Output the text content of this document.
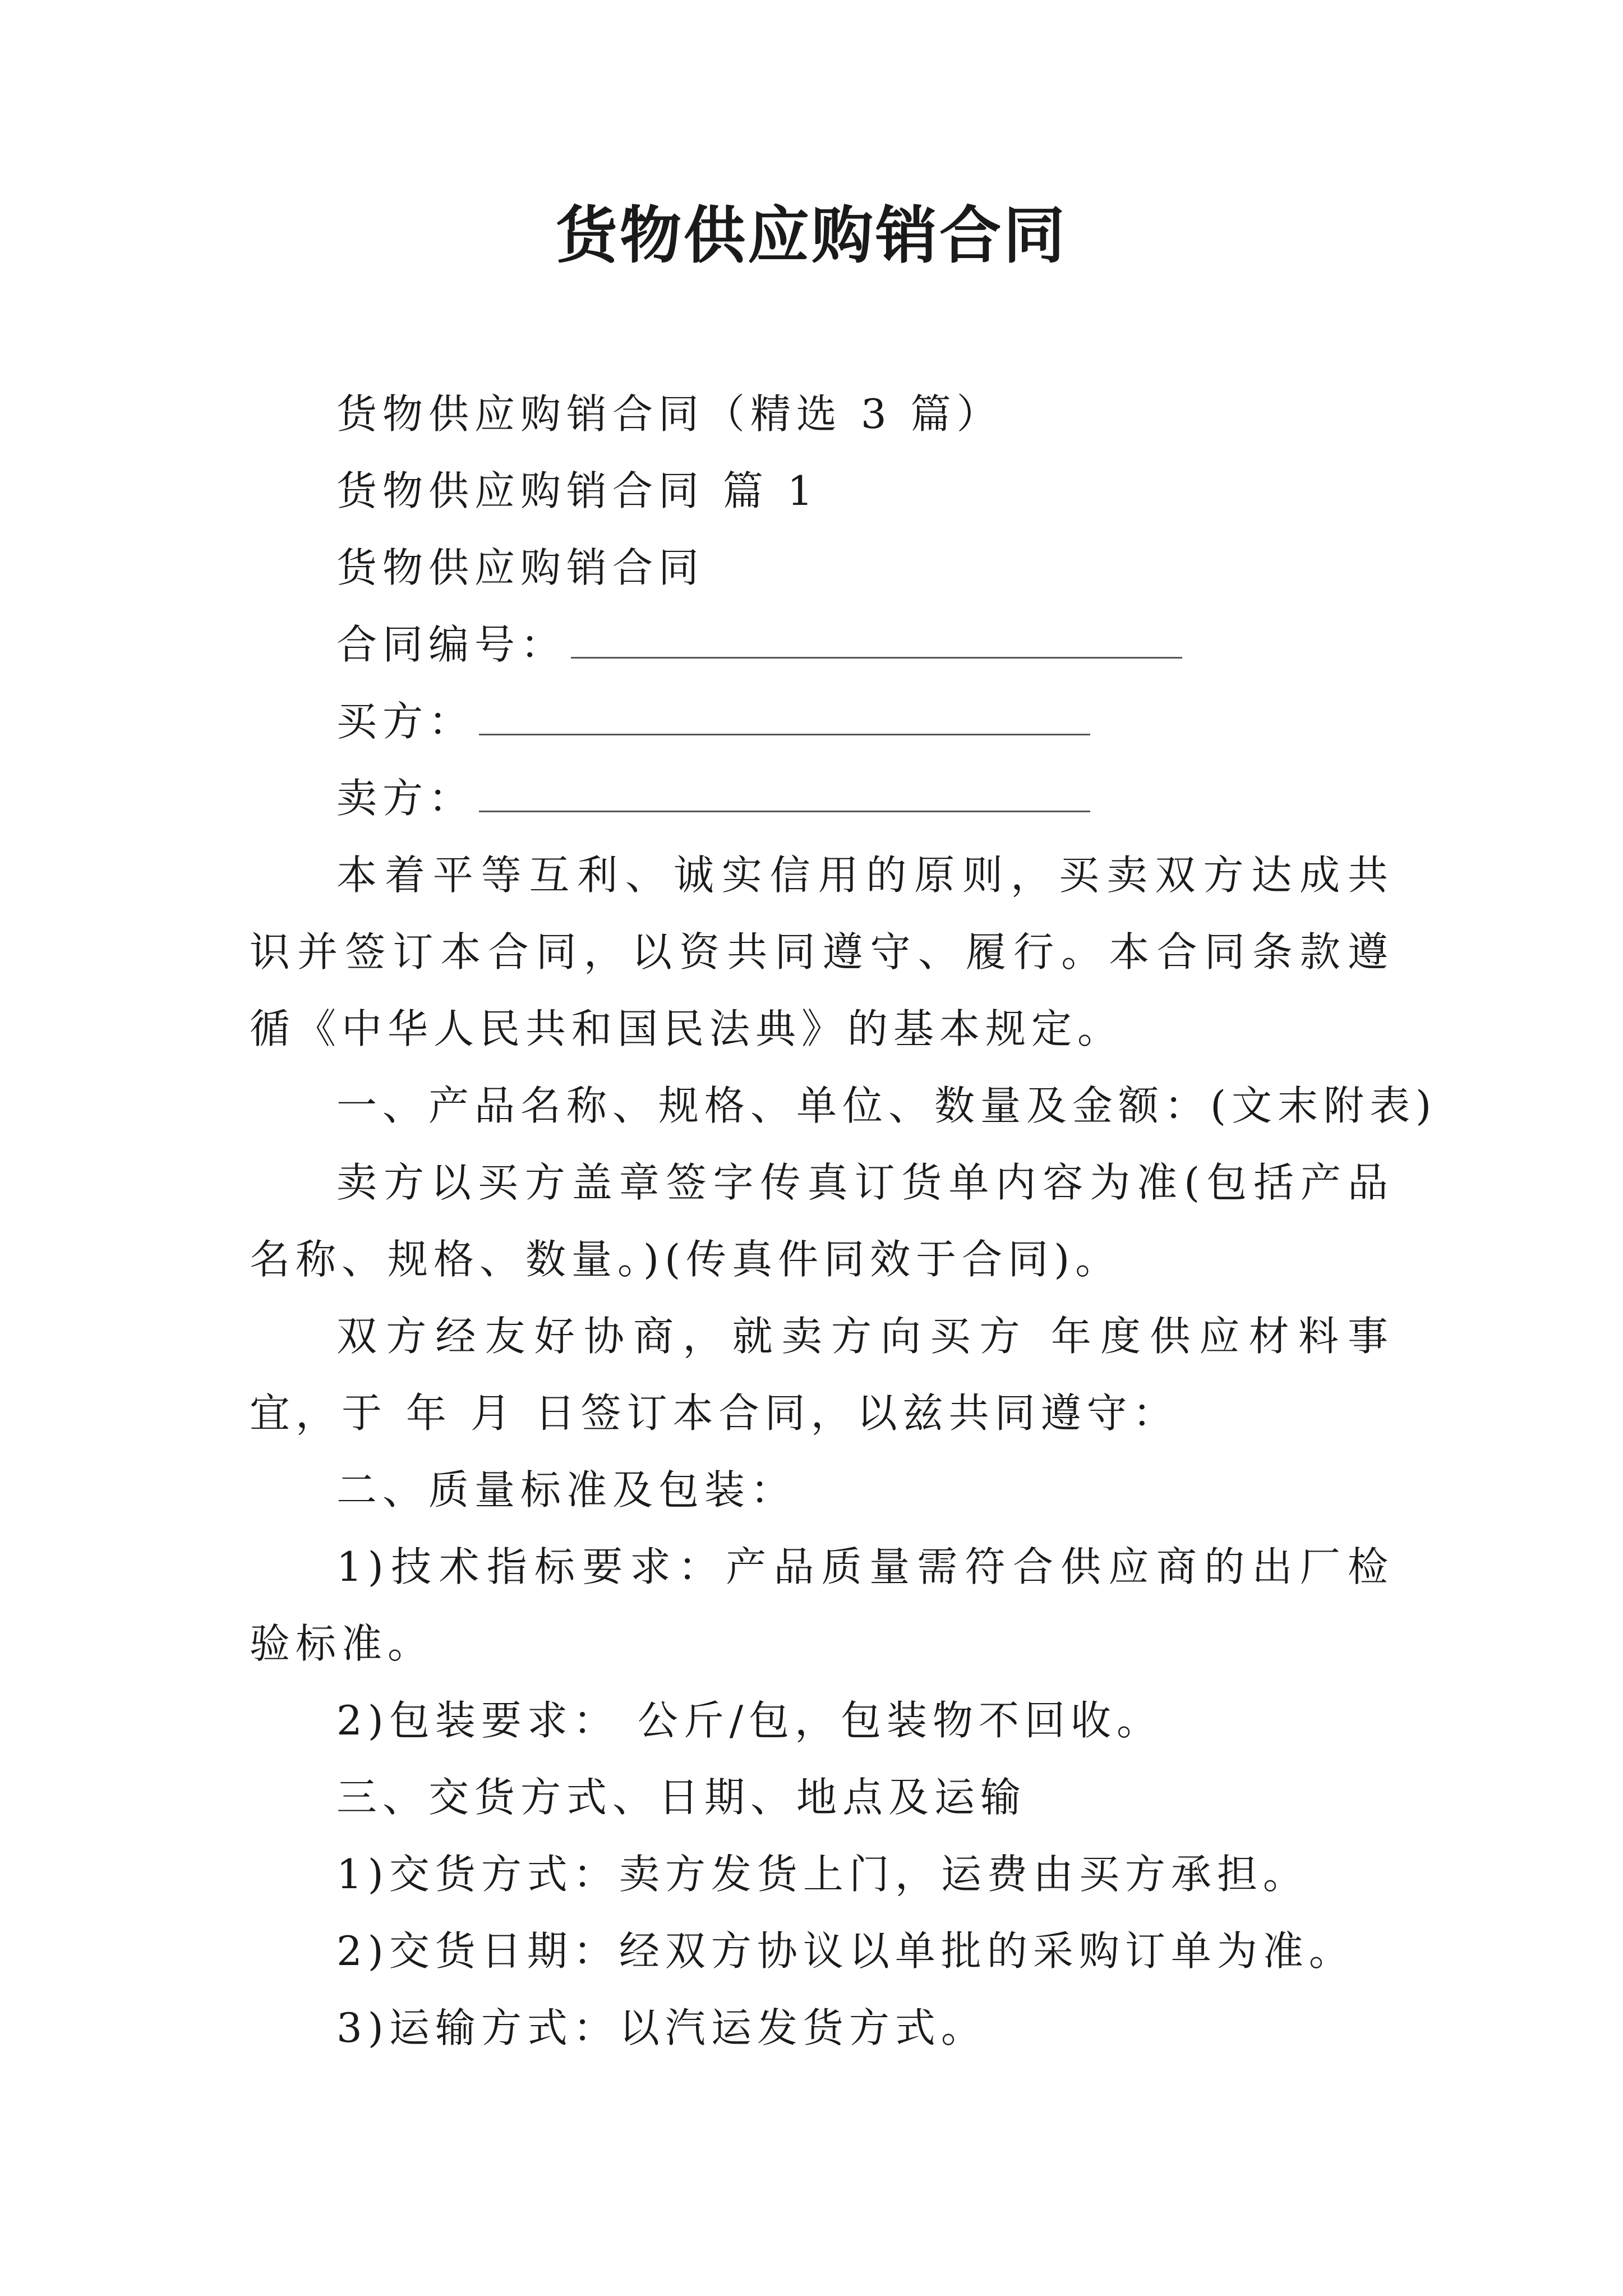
货物供应购销合同

货物供应购销合同（精选 3 篇）

货物供应购销合同 篇 1

货物供应购销合同

合同编号：

买方：

卖方：

本着平等互利、诚实信用的原则，买卖双方达成共识并签订本合同，以资共同遵守、履行。本合同条款遵循《中华人民共和国民法典》的基本规定。

一、产品名称、规格、单位、数量及金额：(文末附表)

卖方以买方盖章签字传真订货单内容为准(包括产品名称、规格、数量。)(传真件同效于合同)。

双方经友好协商，就卖方向买方 年度供应材料事宜，于 年 月 日签订本合同，以兹共同遵守：

二、质量标准及包装：

1)技术指标要求：产品质量需符合供应商的出厂检验标准。

2)包装要求： 公斤/包，包装物不回收。

三、交货方式、日期、地点及运输

1)交货方式：卖方发货上门，运费由买方承担。

2)交货日期：经双方协议以单批的采购订单为准。

3)运输方式：以汽运发货方式。
